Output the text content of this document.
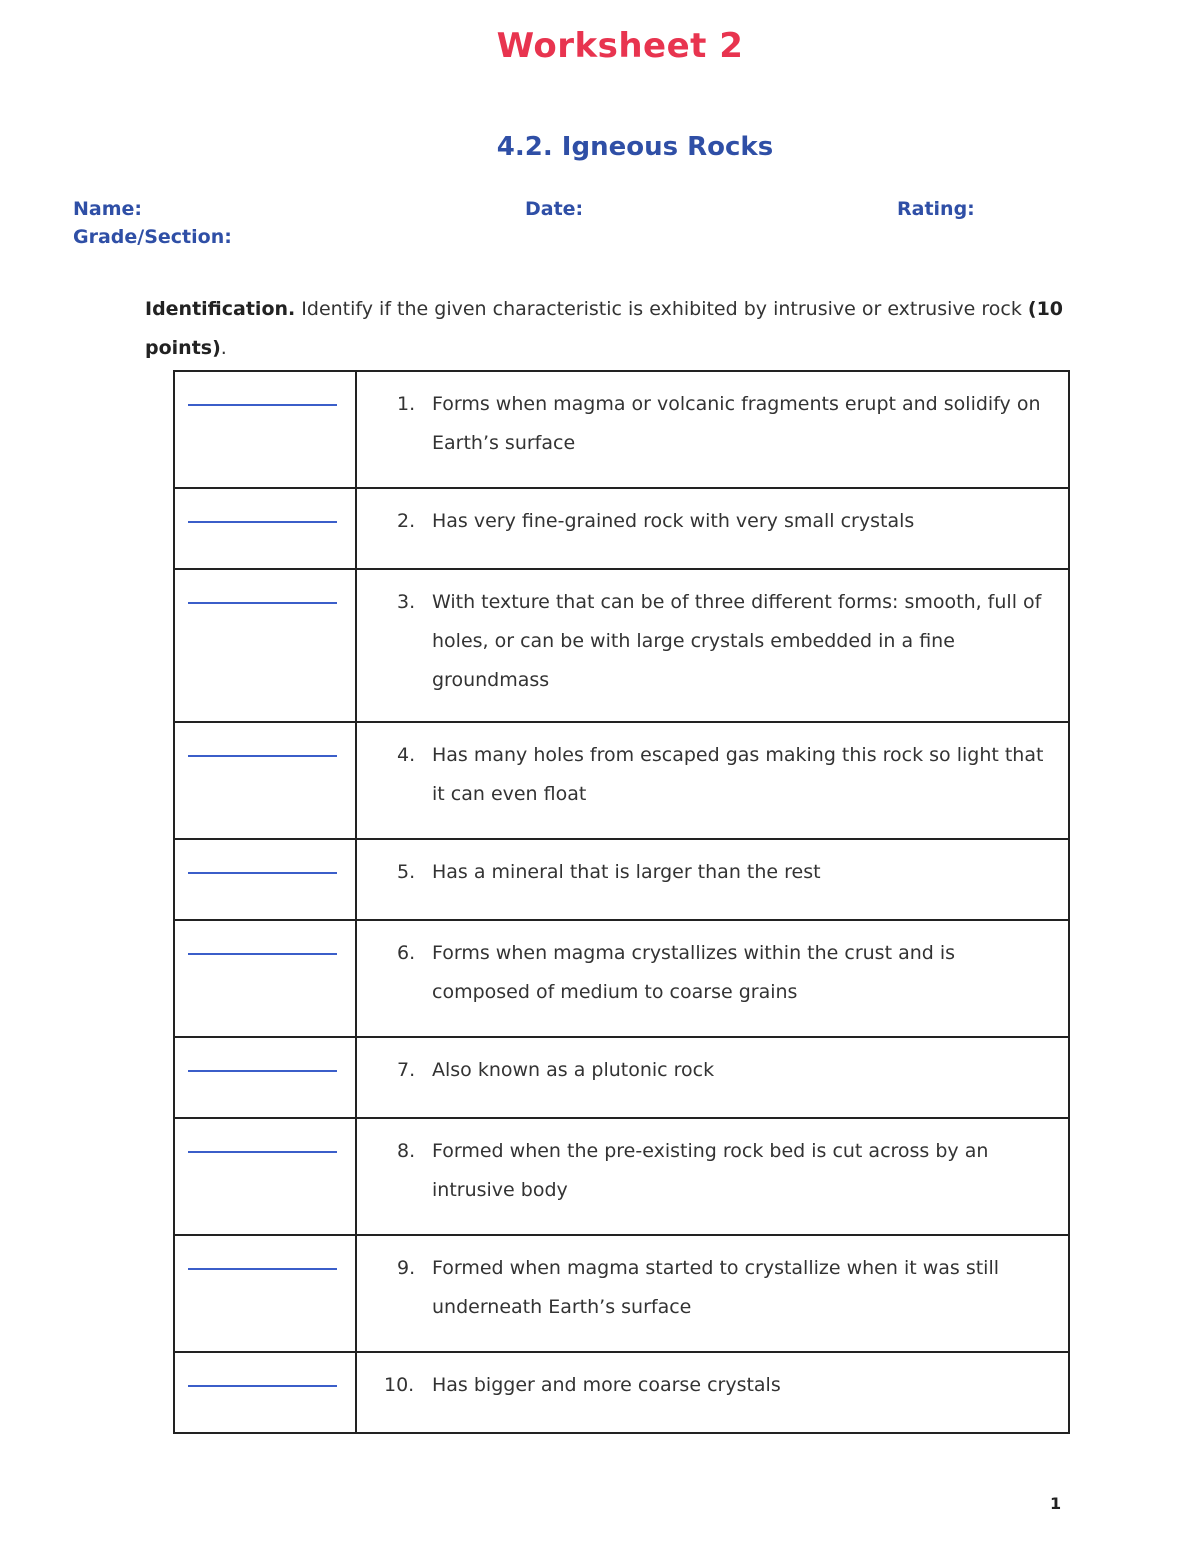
Worksheet 2
4.2. Igneous Rocks
Name:	Date:	Rating:
Grade/Section:
Identification. Identify if the given characteristic is exhibited by intrusive or extrusive rock (10 points).

	1. Forms when magma or volcanic fragments erupt and solidify on Earth’s surface

	2. Has very fine-grained rock with very small crystals

	3. With texture that can be of three different forms: smooth, full of holes, or can be with large crystals embedded in a fine groundmass

	4. Has many holes from escaped gas making this rock so light that it can even float

	5. Has a mineral that is larger than the rest

	6. Forms when magma crystallizes within the crust and is composed of medium to coarse grains

	7. Also known as a plutonic rock

	8. Formed when the pre-existing rock bed is cut across by an intrusive body

	9. Formed when magma started to crystallize when it was still underneath Earth’s surface

	10. Has bigger and more coarse crystals
1
